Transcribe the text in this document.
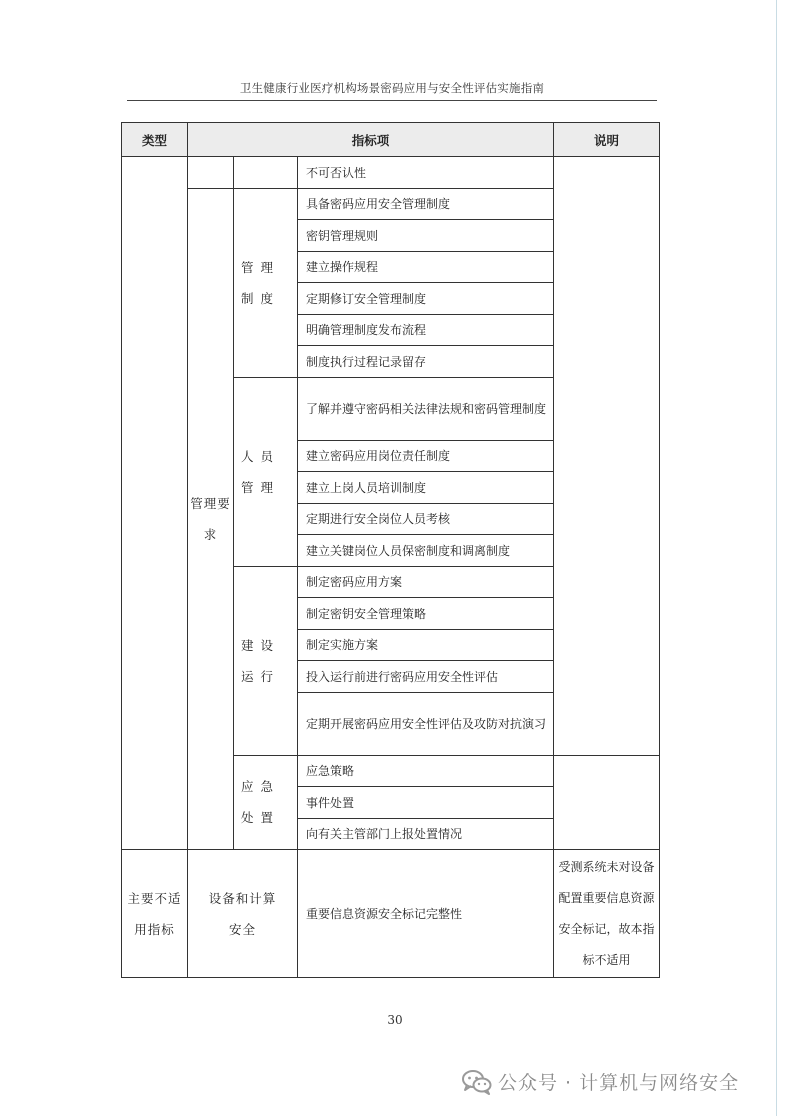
卫生健康行业医疗机构场景密码应用与安全性评估实施指南
类型	指标项			说明	
			不可否认性		

	管理要求	管理制度	具备密码应用安全管理制度		
			密钥管理规则		
			建立操作规程		
			定期修订安全管理制度		
			明确管理制度发布流程		
			制度执行过程记录留存		

		人员管理	了解并遵守密码相关法律法规和密码管理制度		
			建立密码应用岗位责任制度		
			建立上岗人员培训制度		
			定期进行安全岗位人员考核		
			建立关键岗位人员保密制度和调离制度		

		建设运行	制定密码应用方案		
			制定密钥安全管理策略		
			制定实施方案		
			投入运行前进行密码应用安全性评估		
			定期开展密码应用安全性评估及攻防对抗演习		

		应急处置	应急策略		
			事件处置		
			向有关主管部门上报处置情况		

主要不适用指标	设备和计算安全		重要信息资源安全标记完整性	受测系统未对设备配置重要信息资源安全标记，故本指标不适用	
30
公众号 · 计算机与网络安全
